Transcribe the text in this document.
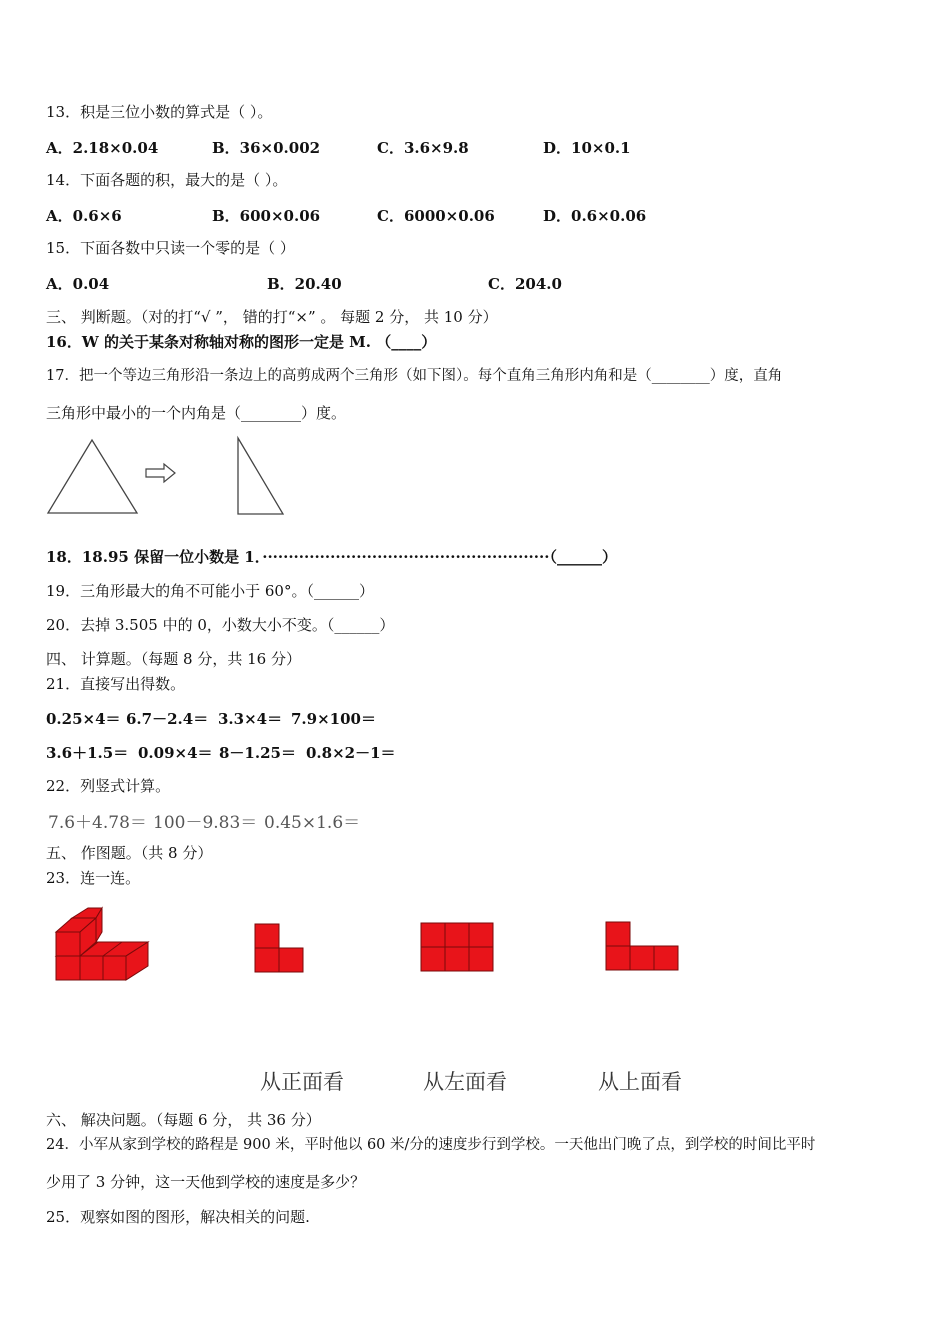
13．积是三位小数的算式是（ ）。
A．2.18×0.04	B．36×0.002	C．3.6×9.8	D．10×0.1
14．下面各题的积，最大的是（ ）。
A．0.6×6	B．600×0.06	C．6000×0.06	D．0.6×0.06
15．下面各数中只读一个零的是（ ）
A．0.04	B．20.40	C．204.0
三、 判断题。（对的打“√ ”， 错的打“×” 。 每题 2 分， 共 10 分）
16．W 的关于某条对称轴对称的图形一定是 M. （____）
17．把一个等边三角形沿一条边上的高剪成两个三角形（如下图）。每个直角三角形内角和是（________）度，直角
三角形中最小的一个内角是（________）度。
18．18.95 保留一位小数是 1．·······················································（______）
19．三角形最大的角不可能小于 60°。（______）
20．去掉 3.505 中的 0，小数大小不变。（______）
四、 计算题。（每题 8 分，共 16 分）
21．直接写出得数。
0.25×4＝ 6.7－2.4＝ 3.3×4＝ 7.9×100＝
3.6＋1.5＝ 0.09×4＝ 8－1.25＝ 0.8×2－1＝
22．列竖式计算。
7.6＋4.78＝ 100－9.83＝ 0.45×1.6＝
五、 作图题。（共 8 分）
23．连一连。
从正面看	从左面看	从上面看
六、 解决问题。（每题 6 分， 共 36 分）
24．小军从家到学校的路程是 900 米，平时他以 60 米/分的速度步行到学校。一天他出门晚了点，到学校的时间比平时
少用了 3 分钟，这一天他到学校的速度是多少？
25．观察如图的图形，解决相关的问题.
